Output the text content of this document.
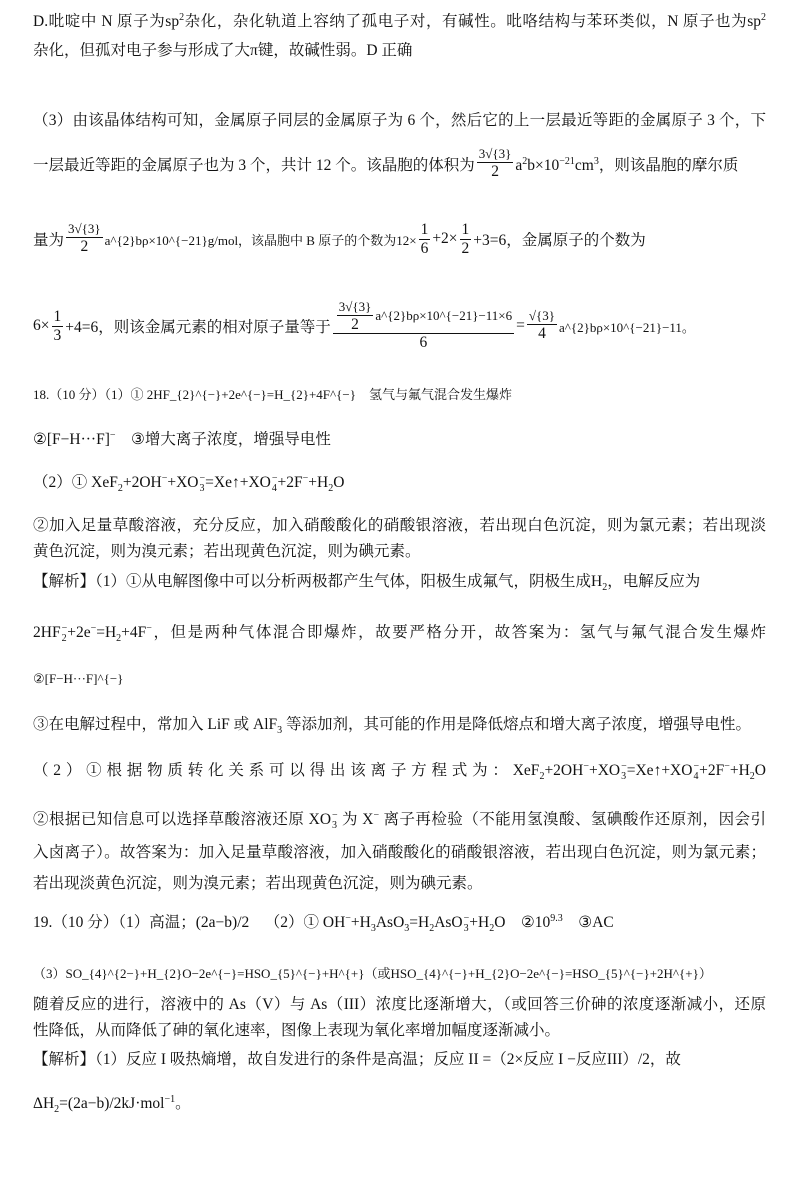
D.吡啶中 N 原子为$sp^2$杂化，杂化轨道上容纳了孤电子对，有碱性。吡咯结构与苯环类似，N 原子也为$sp^2$
杂化，但孤对电子参与形成了大π键，故碱性弱。D 正确
（3）由该晶体结构可知，金属原子同层的金属原子为 6 个，然后它的上一层最近等距的金属原子 3 个，下
一层最近等距的金属原子也为 3 个，共计 12 个。该晶胞的体积为 $\frac{3√\{3\}}{2} a^2b\times 10^{-21}cm^3$，则该晶胞的摩尔质
量为 $\frac{3√\{3\}}{2}$ a^{2}bρ×10^{−21}g/mol，该晶胞中 B 原子的个数为$12\times \frac{1}{6} +2\times \frac{1}{2} +3=6$，金属原子的个数为
$6\times \frac{1}{3} +4=6$，则该金属元素的相对原子量等于 $\frac{\frac{3√\{3\}}{2} a\^{}\{2\}b\rho\times 10\^{}\{-21\}-11\times 6}{6} = \frac{√\{3\}}{4}$ a^{2}bρ×10^{−21}−11。
18.（10 分）（1）① 2HF_{2}^{−}+2e^{−}=H_{2}+4F^{−}    氢气与氟气混合发生爆炸
②[F−H···F]−    ③增大离子浓度，增强导电性
（2）① XeF$_2$+2OH−+XO −
3 =Xe↑+XO −
$4 +2F^-+H_2O$
②加入足量草酸溶液，充分反应，加入硝酸酸化的硝酸银溶液，若出现白色沉淀，则为氯元素；若出现淡
黄色沉淀，则为溴元素；若出现黄色沉淀，则为碘元素。
【解析】（1）①从电解图像中可以分析两极都产生气体，阳极生成氟气，阴极生成$H_2$，电解反应为
2HF −
$2 +2e^-=H_2+4F^-$，但是两种气体混合即爆炸，故要严格分开，故答案为：氢气与氟气混合发生爆炸
②[F−H···F]^{−}
③在电解过程中，常加入 LiF 或 AlF$_3$ 等添加剂，其可能的作用是降低熔点和增大离子浓度，增强导电性。
（2）①根据物质转化关系可以得出该离子方程式为：XeF$_2$+2OH−+XO −
3 =Xe↑+XO −
$4 +2F^-+H_2O$
②根据已知信息可以选择草酸溶液还原 XO −
3 为 X− 离子再检验（不能用氢溴酸、氢碘酸作还原剂，因会引
入卤离子）。故答案为：加入足量草酸溶液，加入硝酸酸化的硝酸银溶液，若出现白色沉淀，则为氯元素；
若出现淡黄色沉淀，则为溴元素；若出现黄色沉淀，则为碘元素。
19.（10 分）（1）高温；(2a−b)/2    （2）① $OH^-+H_3AsO_3=H_2AsO$ −
$3 +H_2O$    $②10^{9.3}$    ③AC
（3）SO_{4}^{2−}+H_{2}O−2e^{−}=HSO_{5}^{−}+H^{+}（或HSO_{4}^{−}+H_{2}O−2e^{−}=HSO_{5}^{−}+2H^{+}）
随着反应的进行，溶液中的 As（V）与 As（III）浓度比逐渐增大，（或回答三价砷的浓度逐渐减小，还原
性降低，从而降低了砷的氧化速率，图像上表现为氧化率增加幅度逐渐减小。
【解析】（1）反应 I 吸热熵增，故自发进行的条件是高温；反应 II =（2×反应 I −反应III）/2，故
$\Delta H_2=(2a-b)/2kJ\cdot mol^{-1}$。
